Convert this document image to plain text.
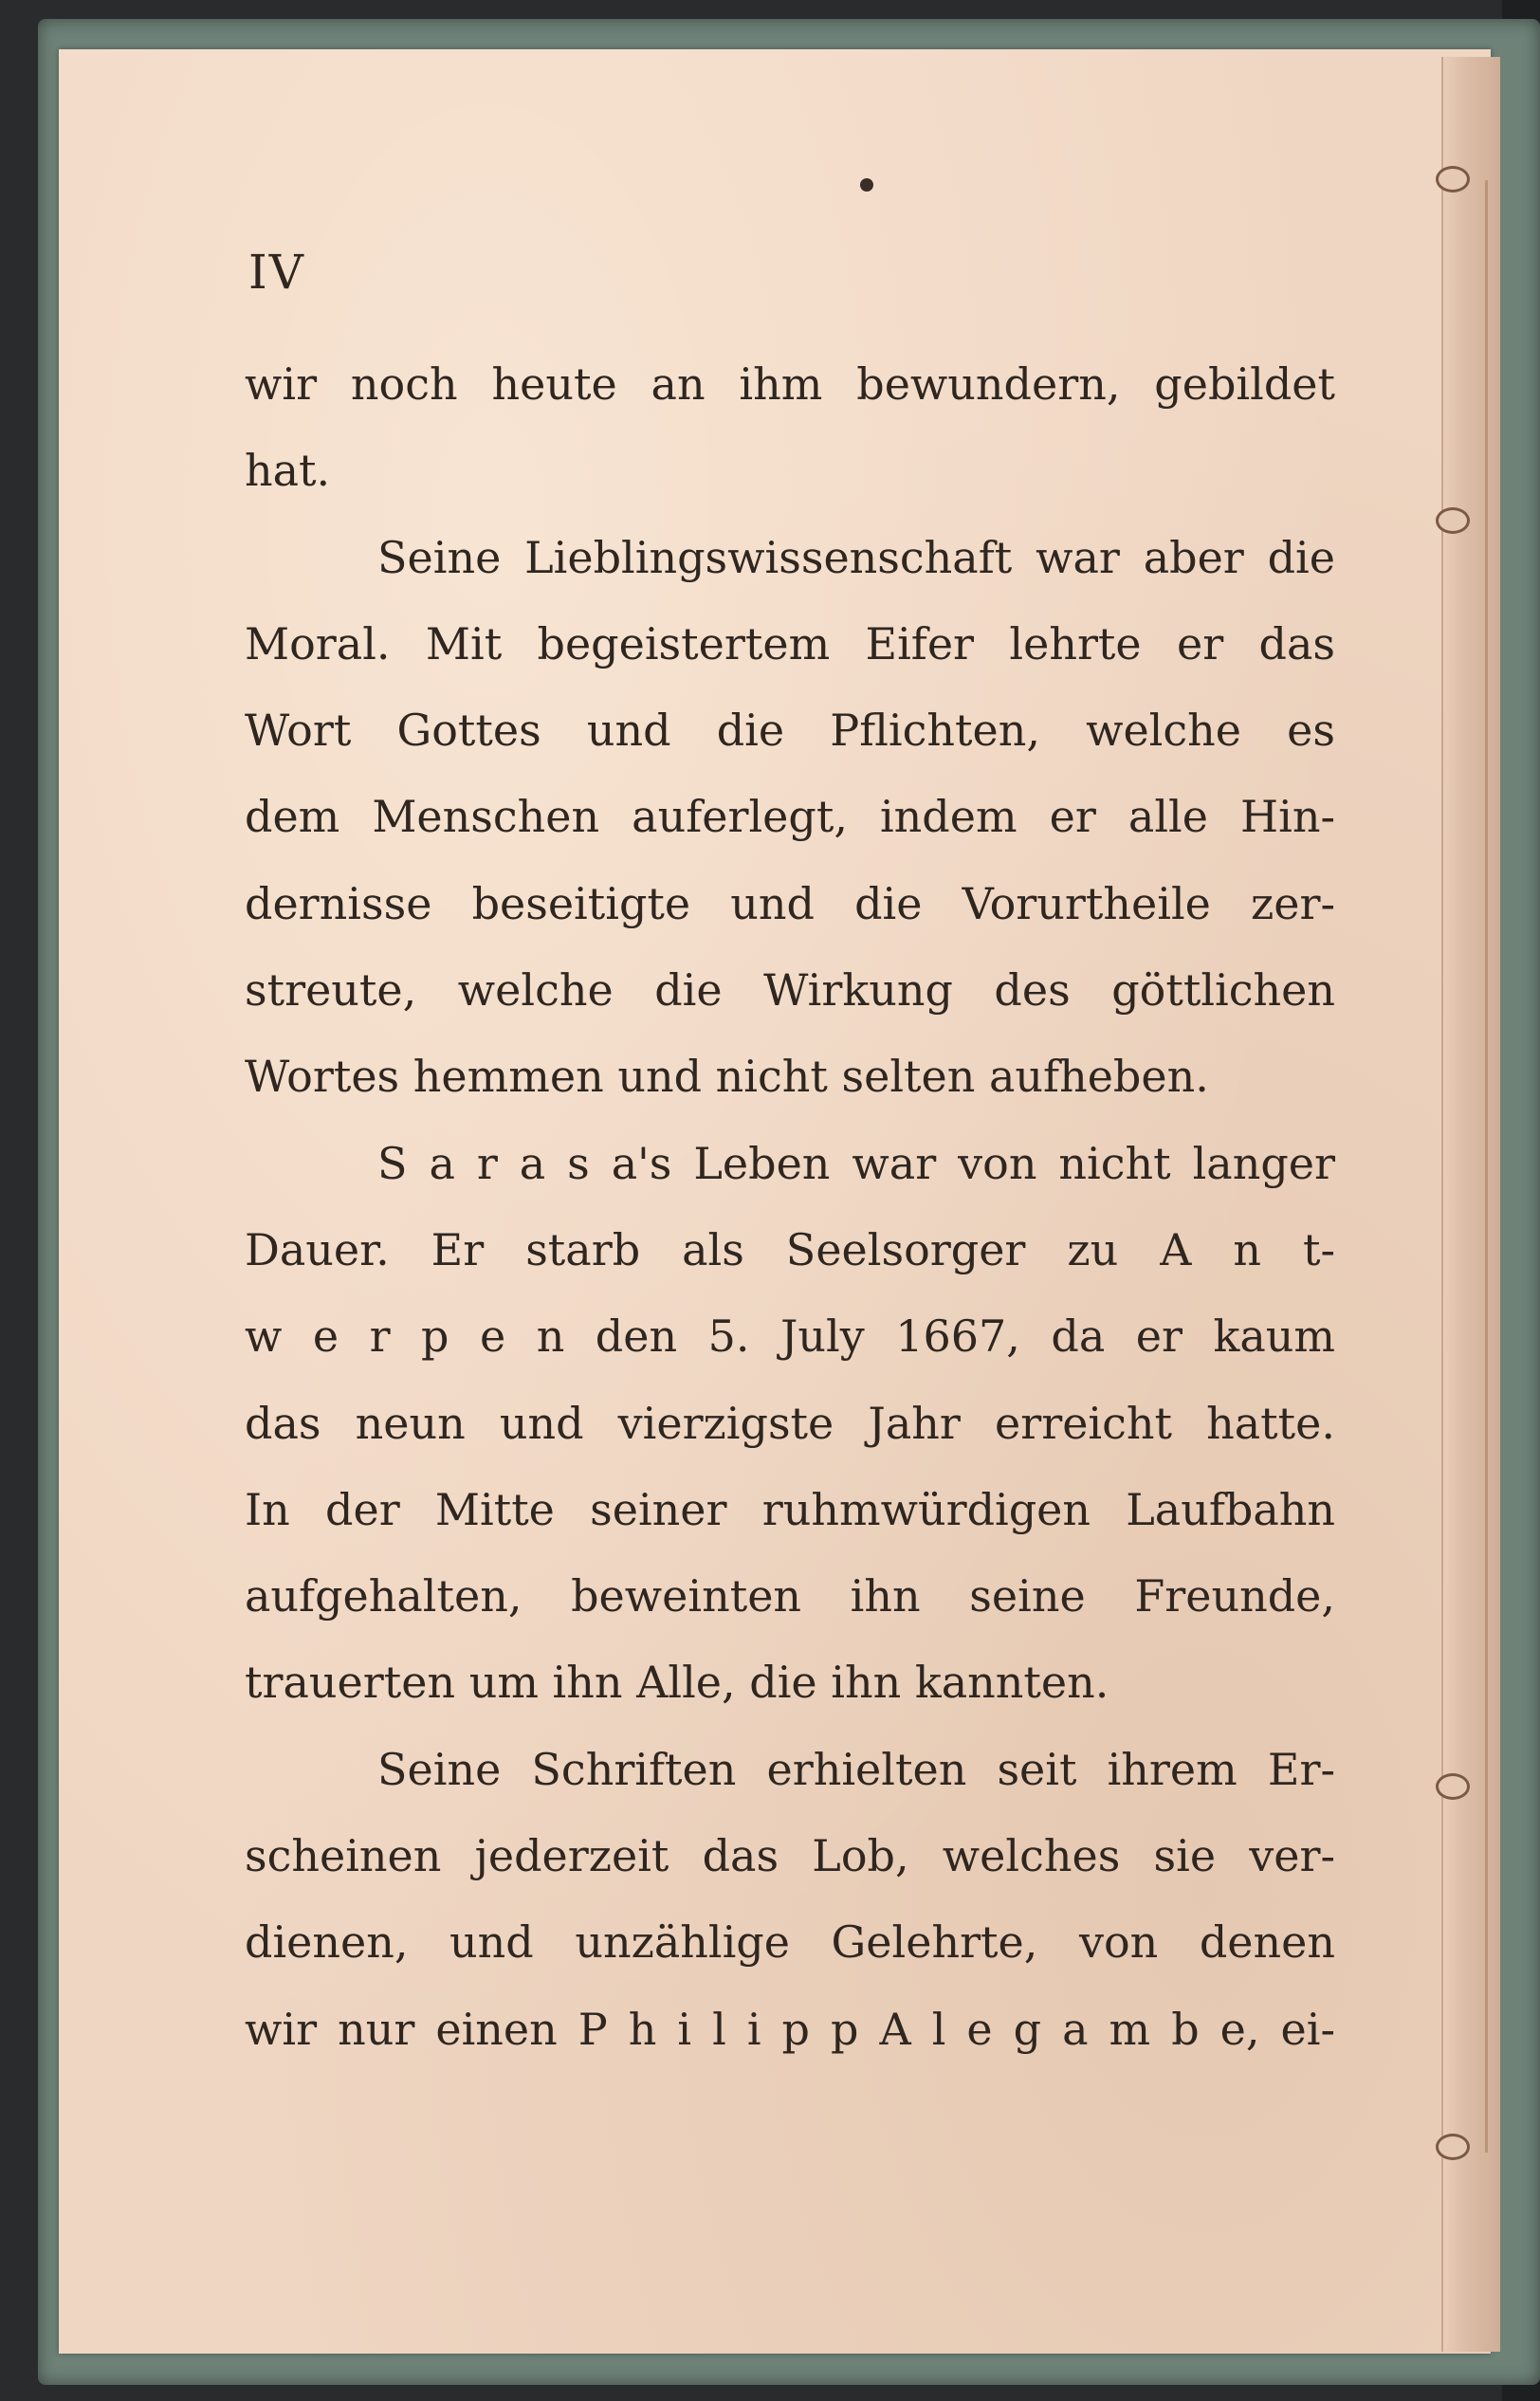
IV
wir noch heute an ihm bewundern, gebildet
hat.
Seine Lieblingswissenschaft war aber die
Moral. Mit begeistertem Eifer lehrte er das
Wort Gottes und die Pflichten, welche es
dem Menschen auferlegt, indem er alle Hin-
dernisse beseitigte und die Vorurtheile zer-
streute, welche die Wirkung des göttlichen
Wortes hemmen und nicht selten aufheben.
S a r a s a's Leben war von nicht langer
Dauer. Er starb als Seelsorger zu A n t-
w e r p e n den 5. July 1667, da er kaum
das neun und vierzigste Jahr erreicht hatte.
In der Mitte seiner ruhmwürdigen Laufbahn
aufgehalten, beweinten ihn seine Freunde,
trauerten um ihn Alle, die ihn kannten.
Seine Schriften erhielten seit ihrem Er-
scheinen jederzeit das Lob, welches sie ver-
dienen, und unzählige Gelehrte, von denen
wir nur einen P h i l i p p A l e g a m b e, ei-
